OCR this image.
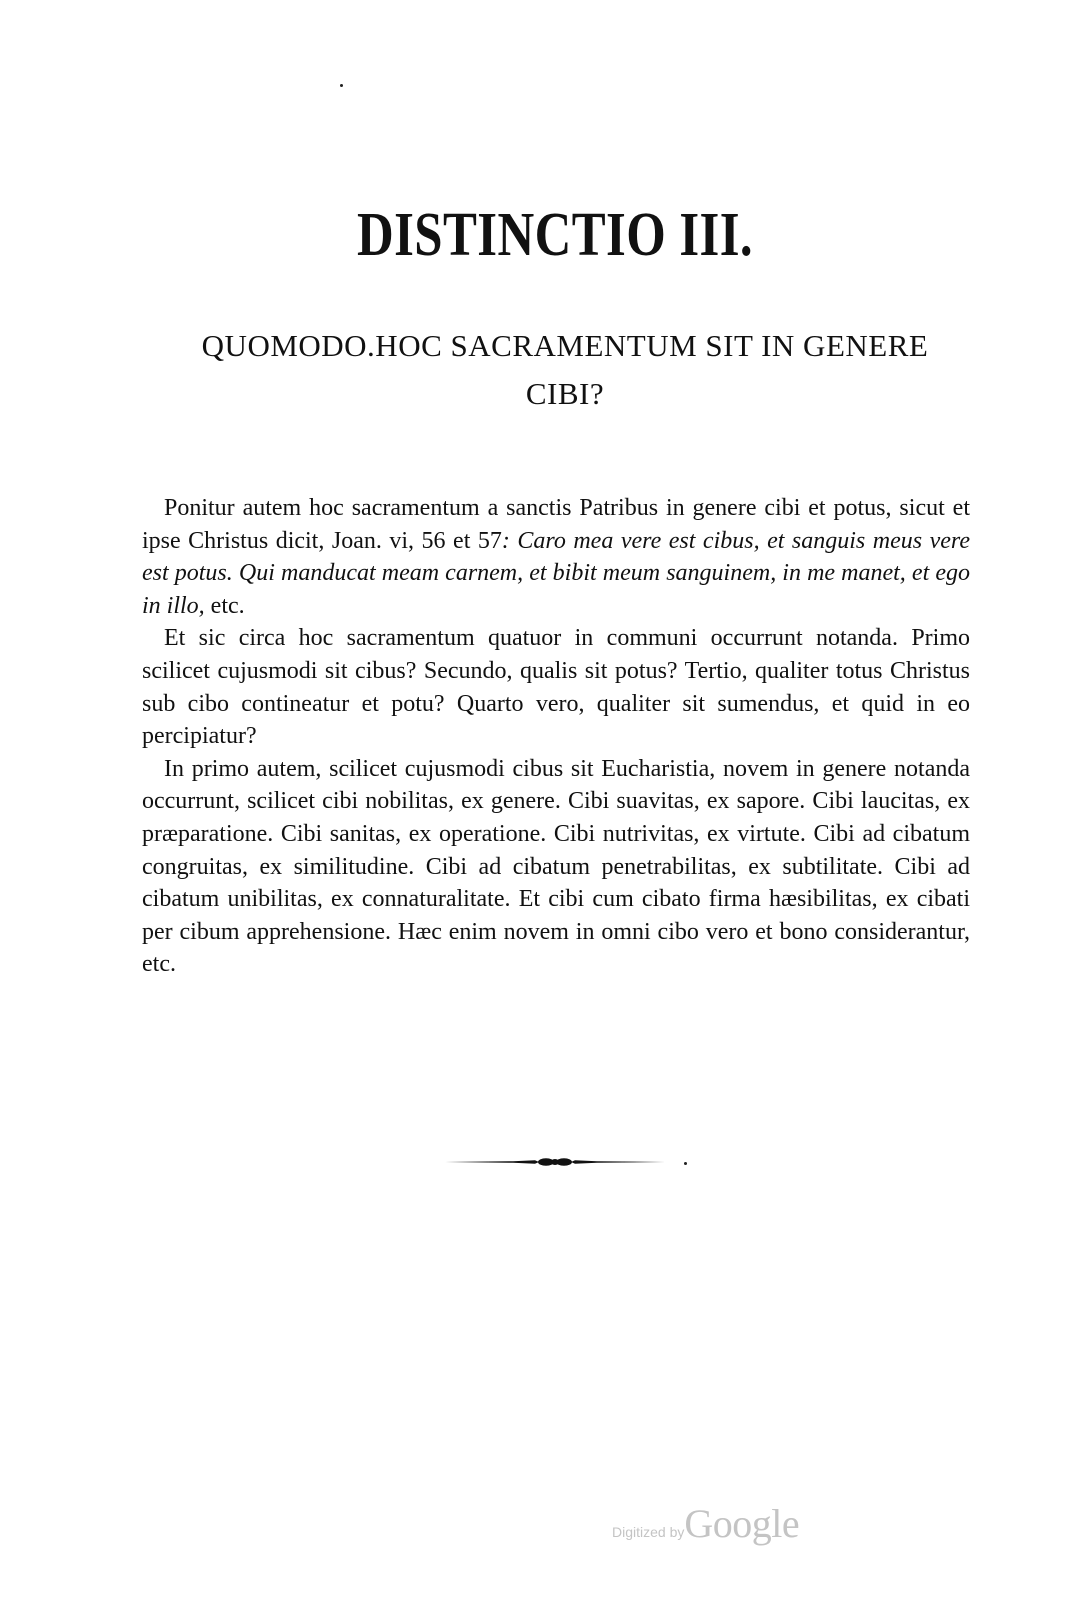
DISTINCTIO III.
QUOMODO.HOC SACRAMENTUM SIT IN GENERE
CIBI?

Ponitur autem hoc sacramentum a sanctis Patribus in genere cibi et potus, sicut et ipse Christus dicit, Joan. vi, 56 et 57: Caro mea vere est cibus, et sanguis meus vere est potus. Qui manducat meam carnem, et bibit meum sanguinem, in me manet, et ego in illo, etc.

Et sic circa hoc sacramentum quatuor in communi occurrunt notanda. Primo scilicet cujusmodi sit cibus? Secundo, qualis sit potus? Tertio, qualiter totus Christus sub cibo contineatur et potu? Quarto vero, qualiter sit sumendus, et quid in eo percipiatur?

In primo autem, scilicet cujusmodi cibus sit Eucharistia, novem in genere notanda occurrunt, scilicet cibi nobilitas, ex genere. Cibi suavitas, ex sapore. Cibi laucitas, ex præparatione. Cibi sanitas, ex operatione. Cibi nutrivitas, ex virtute. Cibi ad cibatum congruitas, ex similitudine. Cibi ad cibatum penetrabilitas, ex subtilitate. Cibi ad cibatum unibilitas, ex connaturalitate. Et cibi cum cibato firma hæsibilitas, ex cibati per cibum apprehensione. Hæc enim novem in omni cibo vero et bono considerantur, etc.

Digitized by Google
